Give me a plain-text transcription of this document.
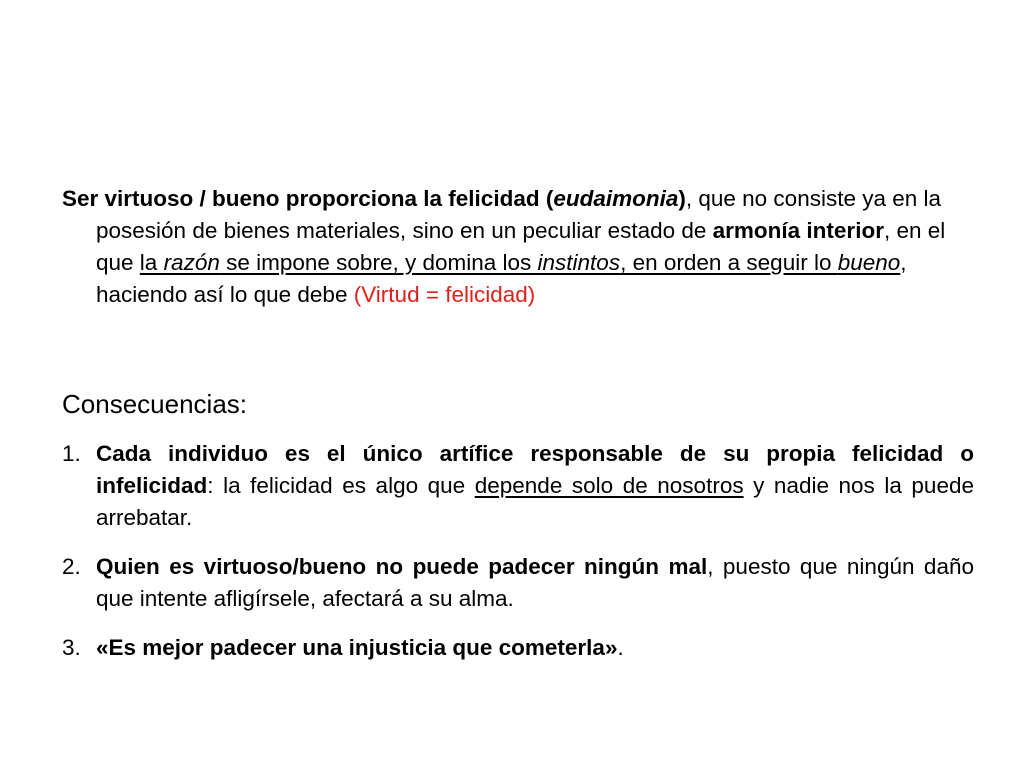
Ser virtuoso / bueno proporciona la felicidad (eudaimonia), que no consiste ya en la posesión de bienes materiales, sino en un peculiar estado de armonía interior, en el que la razón se impone sobre, y domina los instintos, en orden a seguir lo bueno, haciendo así lo que debe (Virtud = felicidad)

Consecuencias:
1. Cada individuo es el único artífice responsable de su propia felicidad o infelicidad: la felicidad es algo que depende solo de nosotros y nadie nos la puede arrebatar.
2. Quien es virtuoso/bueno no puede padecer ningún mal, puesto que ningún daño que intente afligírsele, afectará a su alma.
3. «Es mejor padecer una injusticia que cometerla».
